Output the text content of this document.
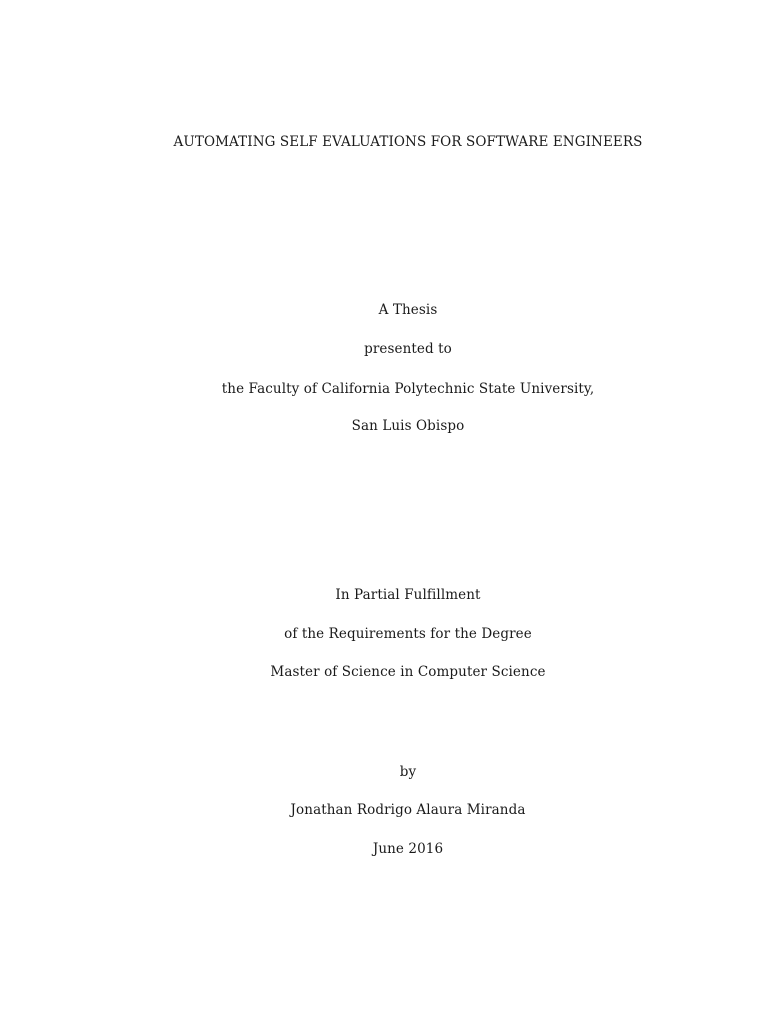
AUTOMATING SELF EVALUATIONS FOR SOFTWARE ENGINEERS
A Thesis
presented to
the Faculty of California Polytechnic State University,
San Luis Obispo
In Partial Fulfillment
of the Requirements for the Degree
Master of Science in Computer Science
by
Jonathan Rodrigo Alaura Miranda
June 2016
